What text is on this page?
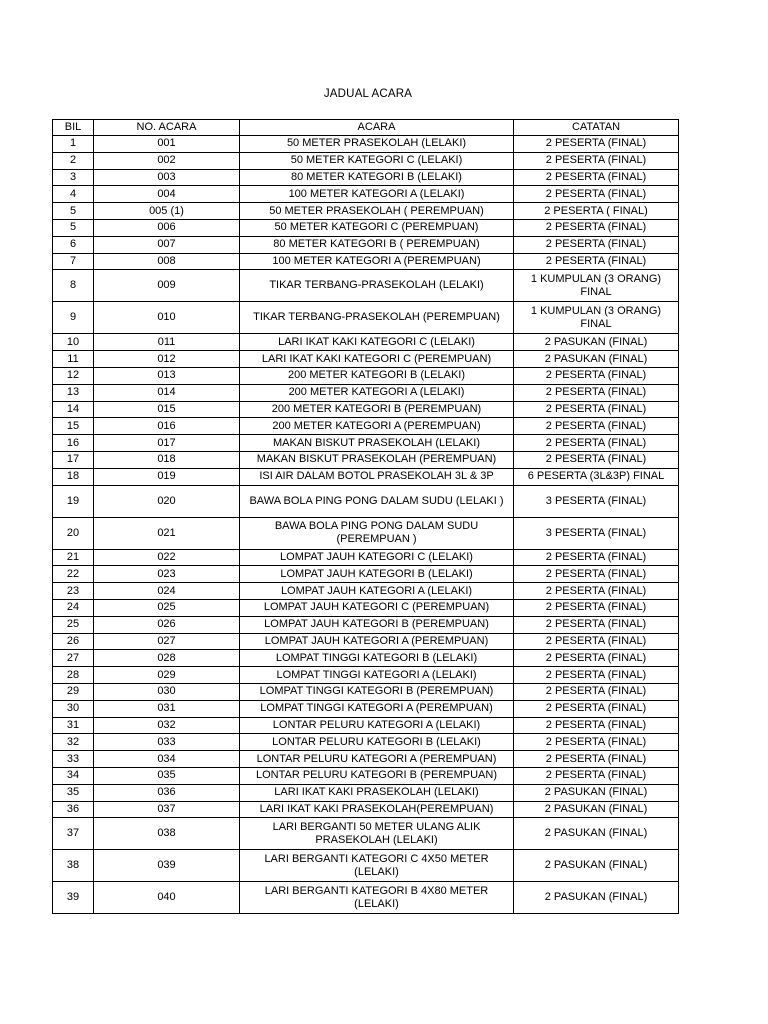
JADUAL ACARA
BIL	NO. ACARA	ACARA	CATATAN
1	001	50 METER PRASEKOLAH (LELAKI)	2 PESERTA (FINAL)
2	002	50 METER KATEGORI C (LELAKI)	2 PESERTA (FINAL)
3	003	80 METER KATEGORI B (LELAKI)	2 PESERTA (FINAL)
4	004	100 METER KATEGORI A (LELAKI)	2 PESERTA (FINAL)
5	005 (1)	50 METER PRASEKOLAH ( PEREMPUAN)	2 PESERTA ( FINAL)
5	006	50 METER KATEGORI C (PEREMPUAN)	2 PESERTA (FINAL)
6	007	80 METER KATEGORI B ( PEREMPUAN)	2 PESERTA (FINAL)
7	008	100 METER KATEGORI A (PEREMPUAN)	2 PESERTA (FINAL)
8	009	TIKAR TERBANG-PRASEKOLAH (LELAKI)	1 KUMPULAN (3 ORANG) FINAL
9	010	TIKAR TERBANG-PRASEKOLAH (PEREMPUAN)	1 KUMPULAN (3 ORANG) FINAL
10	011	LARI IKAT KAKI KATEGORI C (LELAKI)	2 PASUKAN (FINAL)
11	012	LARI IKAT KAKI KATEGORI C (PEREMPUAN)	2 PASUKAN (FINAL)
12	013	200 METER KATEGORI B (LELAKI)	2 PESERTA (FINAL)
13	014	200 METER KATEGORI A (LELAKI)	2 PESERTA (FINAL)
14	015	200 METER KATEGORI B (PEREMPUAN)	2 PESERTA (FINAL)
15	016	200 METER KATEGORI A (PEREMPUAN)	2 PESERTA (FINAL)
16	017	MAKAN BISKUT PRASEKOLAH (LELAKI)	2 PESERTA (FINAL)
17	018	MAKAN BISKUT PRASEKOLAH (PEREMPUAN)	2 PESERTA (FINAL)
18	019	ISI AIR DALAM BOTOL PRASEKOLAH 3L & 3P	6 PESERTA (3L&3P) FINAL
19	020	BAWA BOLA PING PONG DALAM SUDU (LELAKI )	3 PESERTA (FINAL)
20	021	BAWA BOLA PING PONG DALAM SUDU (PEREMPUAN )	3 PESERTA (FINAL)
21	022	LOMPAT JAUH KATEGORI C (LELAKI)	2 PESERTA (FINAL)
22	023	LOMPAT JAUH KATEGORI B (LELAKI)	2 PESERTA (FINAL)
23	024	LOMPAT JAUH KATEGORI A (LELAKI)	2 PESERTA (FINAL)
24	025	LOMPAT JAUH KATEGORI C (PEREMPUAN)	2 PESERTA (FINAL)
25	026	LOMPAT JAUH KATEGORI B (PEREMPUAN)	2 PESERTA (FINAL)
26	027	LOMPAT JAUH KATEGORI A (PEREMPUAN)	2 PESERTA (FINAL)
27	028	LOMPAT TINGGI KATEGORI B (LELAKI)	2 PESERTA (FINAL)
28	029	LOMPAT TINGGI KATEGORI A (LELAKI)	2 PESERTA (FINAL)
29	030	LOMPAT TINGGI KATEGORI B (PEREMPUAN)	2 PESERTA (FINAL)
30	031	LOMPAT TINGGI KATEGORI A (PEREMPUAN)	2 PESERTA (FINAL)
31	032	LONTAR PELURU KATEGORI A (LELAKI)	2 PESERTA (FINAL)
32	033	LONTAR PELURU KATEGORI B (LELAKI)	2 PESERTA (FINAL)
33	034	LONTAR PELURU KATEGORI A (PEREMPUAN)	2 PESERTA (FINAL)
34	035	LONTAR PELURU KATEGORI B (PEREMPUAN)	2 PESERTA (FINAL)
35	036	LARI IKAT KAKI PRASEKOLAH (LELAKI)	2 PASUKAN (FINAL)
36	037	LARI IKAT KAKI PRASEKOLAH(PEREMPUAN)	2 PASUKAN (FINAL)
37	038	LARI BERGANTI 50 METER ULANG ALIK PRASEKOLAH (LELAKI)	2 PASUKAN (FINAL)
38	039	LARI BERGANTI KATEGORI C 4X50 METER (LELAKI)	2 PASUKAN (FINAL)
39	040	LARI BERGANTI KATEGORI B 4X80 METER (LELAKI)	2 PASUKAN (FINAL)
